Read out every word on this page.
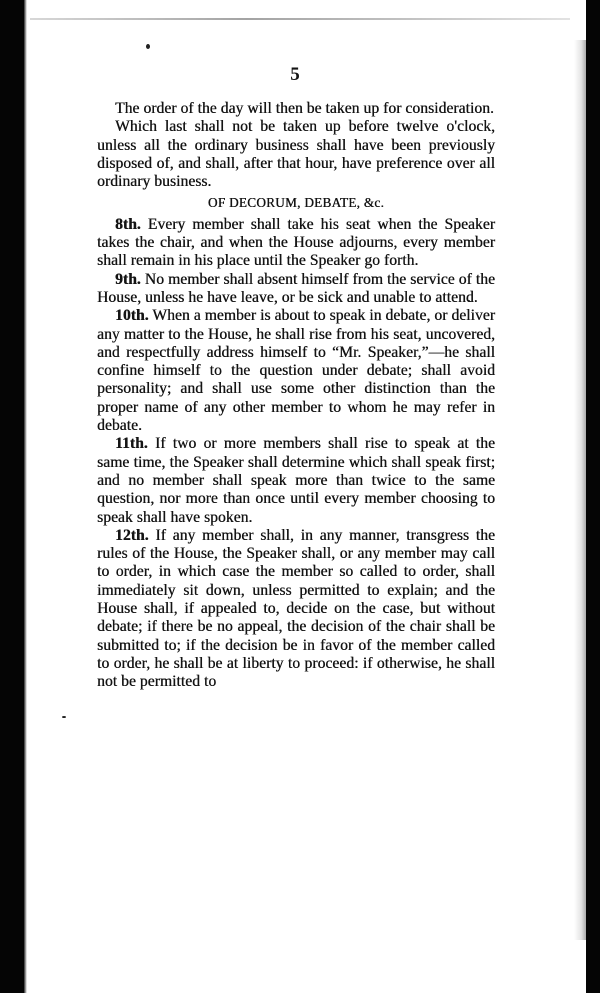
5

The order of the day will then be taken up for consideration.

Which last shall not be taken up before twelve o'clock, unless all the ordinary business shall have been previously disposed of, and shall, after that hour, have preference over all ordinary business.

OF DECORUM, DEBATE, &c.

8th. Every member shall take his seat when the Speaker takes the chair, and when the House adjourns, every member shall remain in his place until the Speaker go forth.

9th. No member shall absent himself from the service of the House, unless he have leave, or be sick and unable to attend.

10th. When a member is about to speak in debate, or deliver any matter to the House, he shall rise from his seat, uncovered, and respectfully address himself to “Mr. Speaker,”—he shall confine himself to the question under debate; shall avoid personality; and shall use some other distinction than the proper name of any other member to whom he may refer in debate.

11th. If two or more members shall rise to speak at the same time, the Speaker shall determine which shall speak first; and no member shall speak more than twice to the same question, nor more than once until every member choosing to speak shall have spoken.

12th. If any member shall, in any manner, transgress the rules of the House, the Speaker shall, or any member may call to order, in which case the member so called to order, shall immediately sit down, unless permitted to explain; and the House shall, if appealed to, decide on the case, but without debate; if there be no appeal, the decision of the chair shall be submitted to; if the decision be in favor of the member called to order, he shall be at liberty to proceed: if otherwise, he shall not be permitted to
